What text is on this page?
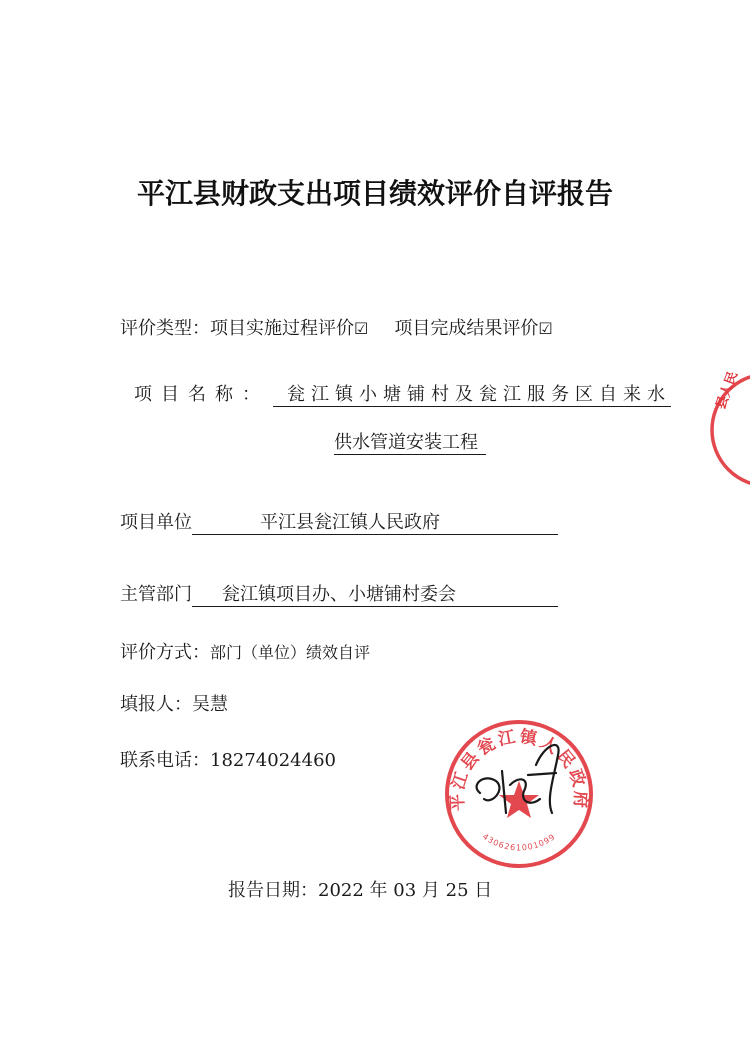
平江县财政支出项目绩效评价自评报告
评价类型：项目实施过程评价☑ 项目完成结果评价☑
项目名称： 瓮江镇小塘铺村及瓮江服务区自来水
供水管道安装工程
项目单位	平江县瓮江镇人民政府
主管部门 瓮江镇项目办、小塘铺村委会
评价方式：部门（单位）绩效自评
填报人：吴慧
联系电话：18274024460
平江县瓮江镇人民政府
4306261001099
县人民
报告日期：2022 年 03 月 25 日
